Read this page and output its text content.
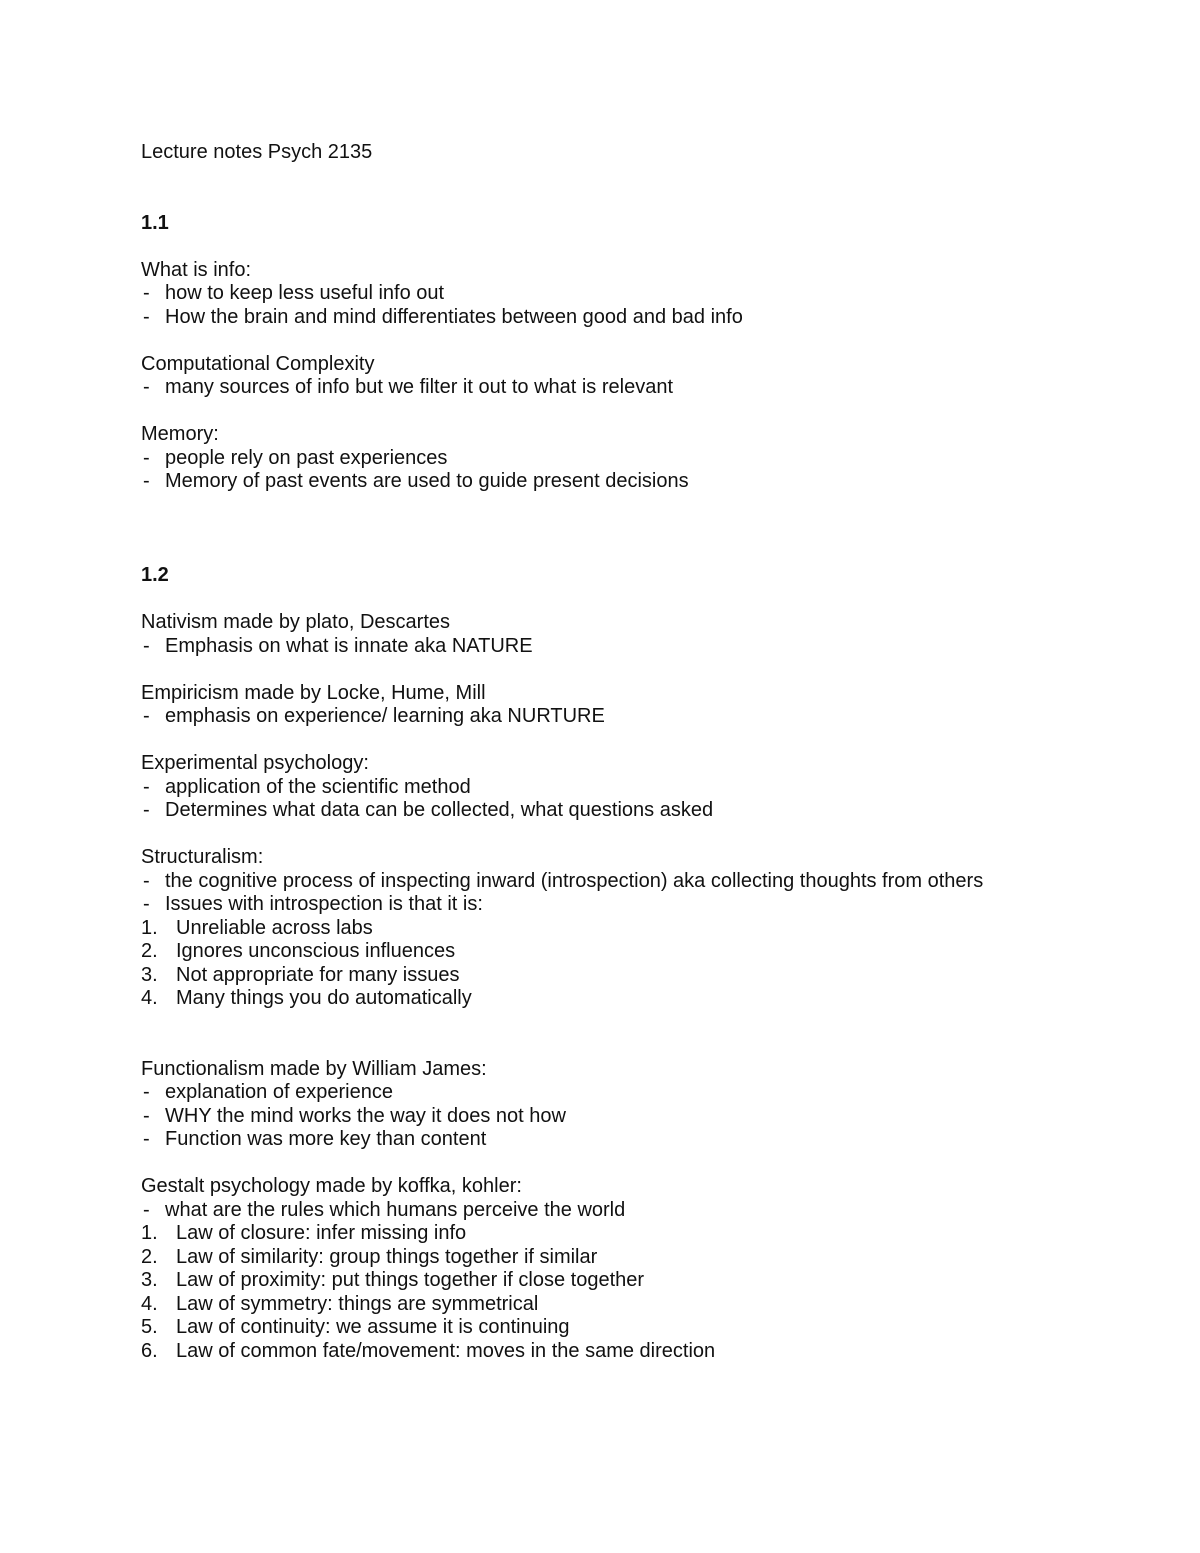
Lecture notes Psych 2135
1.1
What is info:
- how to keep less useful info out
- How the brain and mind differentiates between good and bad info
Computational Complexity
- many sources of info but we filter it out to what is relevant
Memory:
- people rely on past experiences
- Memory of past events are used to guide present decisions
1.2
Nativism made by plato, Descartes
- Emphasis on what is innate aka NATURE
Empiricism made by Locke, Hume, Mill
- emphasis on experience/ learning aka NURTURE
Experimental psychology:
- application of the scientific method
- Determines what data can be collected, what questions asked
Structuralism:
- the cognitive process of inspecting inward (introspection) aka collecting thoughts from others
- Issues with introspection is that it is:
1. Unreliable across labs
2. Ignores unconscious influences
3. Not appropriate for many issues
4. Many things you do automatically
Functionalism made by William James:
- explanation of experience
- WHY the mind works the way it does not how
- Function was more key than content
Gestalt psychology made by koffka, kohler:
- what are the rules which humans perceive the world
1. Law of closure: infer missing info
2. Law of similarity: group things together if similar
3. Law of proximity: put things together if close together
4. Law of symmetry: things are symmetrical
5. Law of continuity: we assume it is continuing
6. Law of common fate/movement: moves in the same direction
